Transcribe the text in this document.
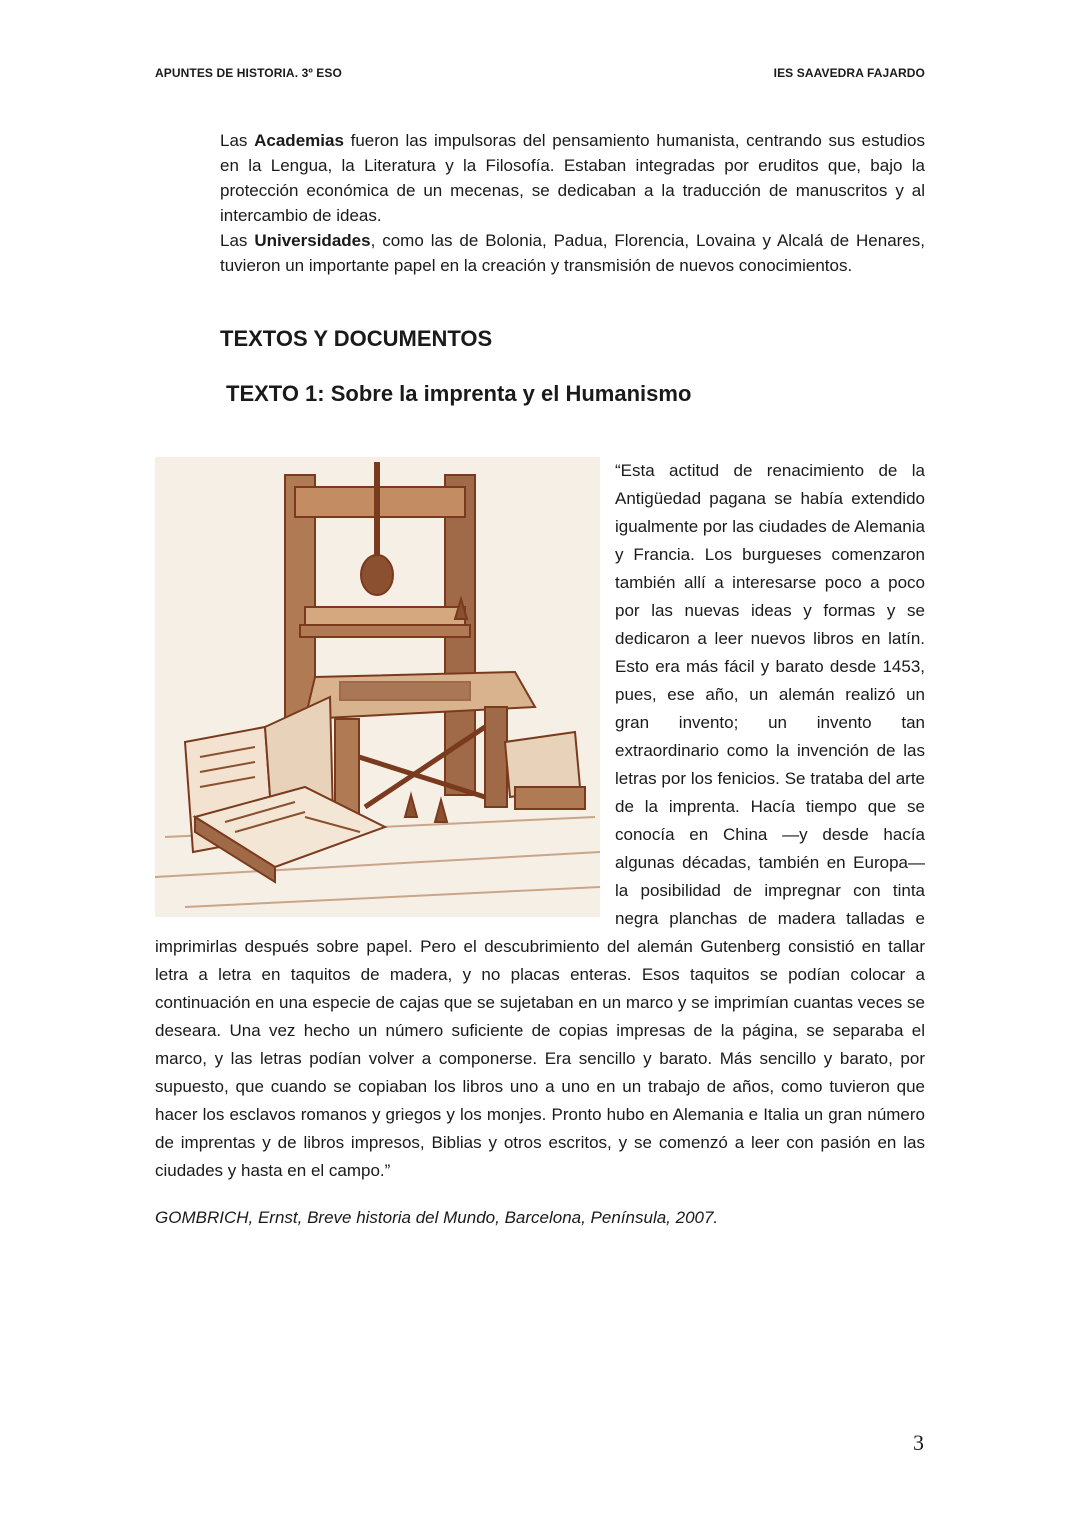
APUNTES DE HISTORIA. 3º ESO	IES SAAVEDRA FAJARDO

Las Academias fueron las impulsoras del pensamiento humanista, centrando sus estudios en la Lengua, la Literatura y la Filosofía. Estaban integradas por eruditos que, bajo la protección económica de un mecenas, se dedicaban a la traducción de manuscritos y al intercambio de ideas.

Las Universidades, como las de Bolonia, Padua, Florencia, Lovaina y Alcalá de Henares, tuvieron un importante papel en la creación y transmisión de nuevos conocimientos.

TEXTOS Y DOCUMENTOS
TEXTO 1: Sobre la imprenta y el Humanismo

“Esta actitud de renacimiento de la Antigüedad pagana se había extendido igualmente por las ciudades de Alemania y Francia. Los burgueses comenzaron también allí a interesarse poco a poco por las nuevas ideas y formas y se dedicaron a leer nuevos libros en latín. Esto era más fácil y barato desde 1453, pues, ese año, un alemán realizó un gran invento; un invento tan extraordinario como la invención de las letras por los fenicios. Se trataba del arte de la imprenta. Hacía tiempo que se conocía en China —y desde hacía algunas décadas, también en Europa— la posibilidad de impregnar con tinta negra planchas de madera talladas e imprimirlas después sobre papel. Pero el descubrimiento del alemán Gutenberg consistió en tallar letra a letra en taquitos de madera, y no placas enteras. Esos taquitos se podían colocar a continuación en una especie de cajas que se sujetaban en un marco y se imprimían cuantas veces se deseara. Una vez hecho un número suficiente de copias impresas de la página, se separaba el marco, y las letras podían volver a componerse. Era sencillo y barato. Más sencillo y barato, por supuesto, que cuando se copiaban los libros uno a uno en un trabajo de años, como tuvieron que hacer los esclavos romanos y griegos y los monjes. Pronto hubo en Alemania e Italia un gran número de imprentas y de libros impresos, Biblias y otros escritos, y se comenzó a leer con pasión en las ciudades y hasta en el campo.”

GOMBRICH, Ernst, Breve historia del Mundo, Barcelona, Península, 2007.

3
